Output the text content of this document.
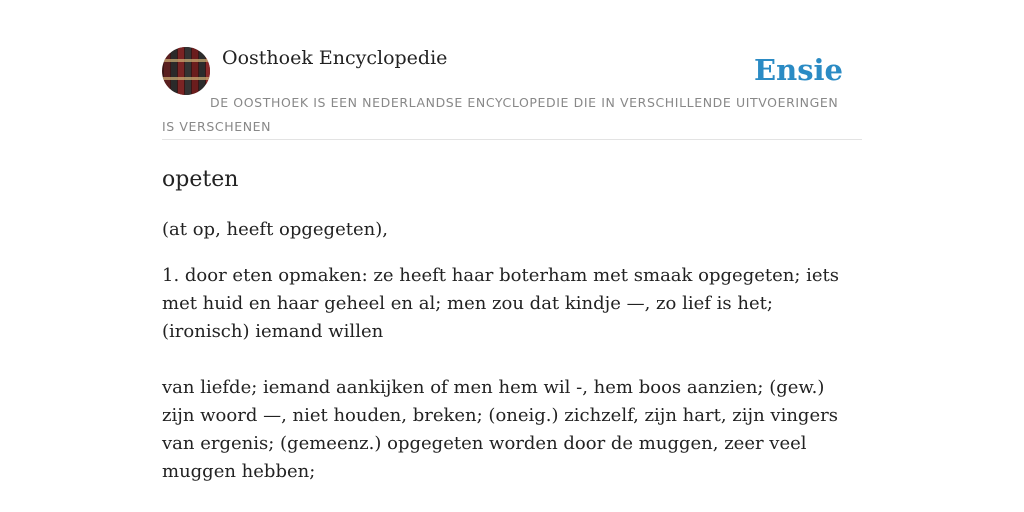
Oosthoek Encyclopedie	Ensie
DE OOSTHOEK IS EEN NEDERLANDSE ENCYCLOPEDIE DIE IN VERSCHILLENDE UITVOERINGEN IS VERSCHENEN
opeten
(at op, heeft opgegeten),

1. door eten opmaken: ze heeft haar boterham met smaak opgegeten; iets met huid en haar geheel en al; men zou dat kindje —, zo lief is het; (ironisch) iemand willen

van liefde; iemand aankijken of men hem wil -, hem boos aanzien; (gew.) zijn woord —, niet houden, breken; (oneig.) zichzelf, zijn hart, zijn vingers van ergenis; (gemeenz.) opgegeten worden door de muggen, zeer veel muggen hebben;
